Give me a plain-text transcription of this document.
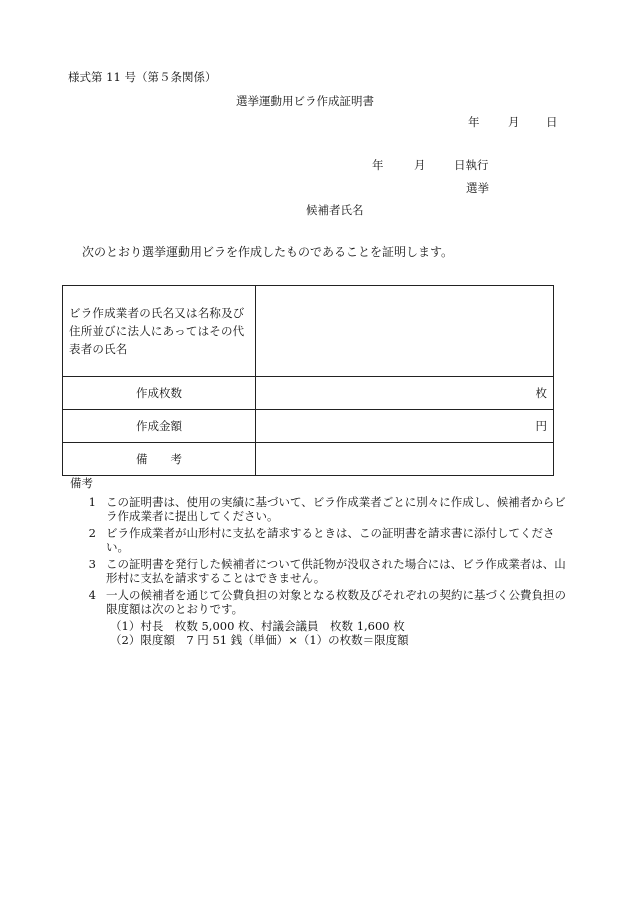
様式第 11 号（第５条関係）
選挙運動用ビラ作成証明書
年 月 日
年	月 日執行
選挙
候補者氏名
次のとおり選挙運動用ビラを作成したものであることを証明します。
ビラ作成業者の氏名又は名称及び住所並びに法人にあってはその代表者の氏名	
作成枚数	枚
作成金額	円
備　　考	
備考
1 この証明書は、使用の実績に基づいて、ビラ作成業者ごとに別々に作成し、候補者からビラ作成業者に提出してください。
2 ビラ作成業者が山形村に支払を請求するときは、この証明書を請求書に添付してください。
3 この証明書を発行した候補者について供託物が没収された場合には、ビラ作成業者は、山形村に支払を請求することはできません。
4 一人の候補者を通じて公費負担の対象となる枚数及びそれぞれの契約に基づく公費負担の限度額は次のとおりです。
（1）村長　枚数 5,000 枚、村議会議員　枚数 1,600 枚
（2）限度額　7 円 51 銭（単価）×（1）の枚数＝限度額
